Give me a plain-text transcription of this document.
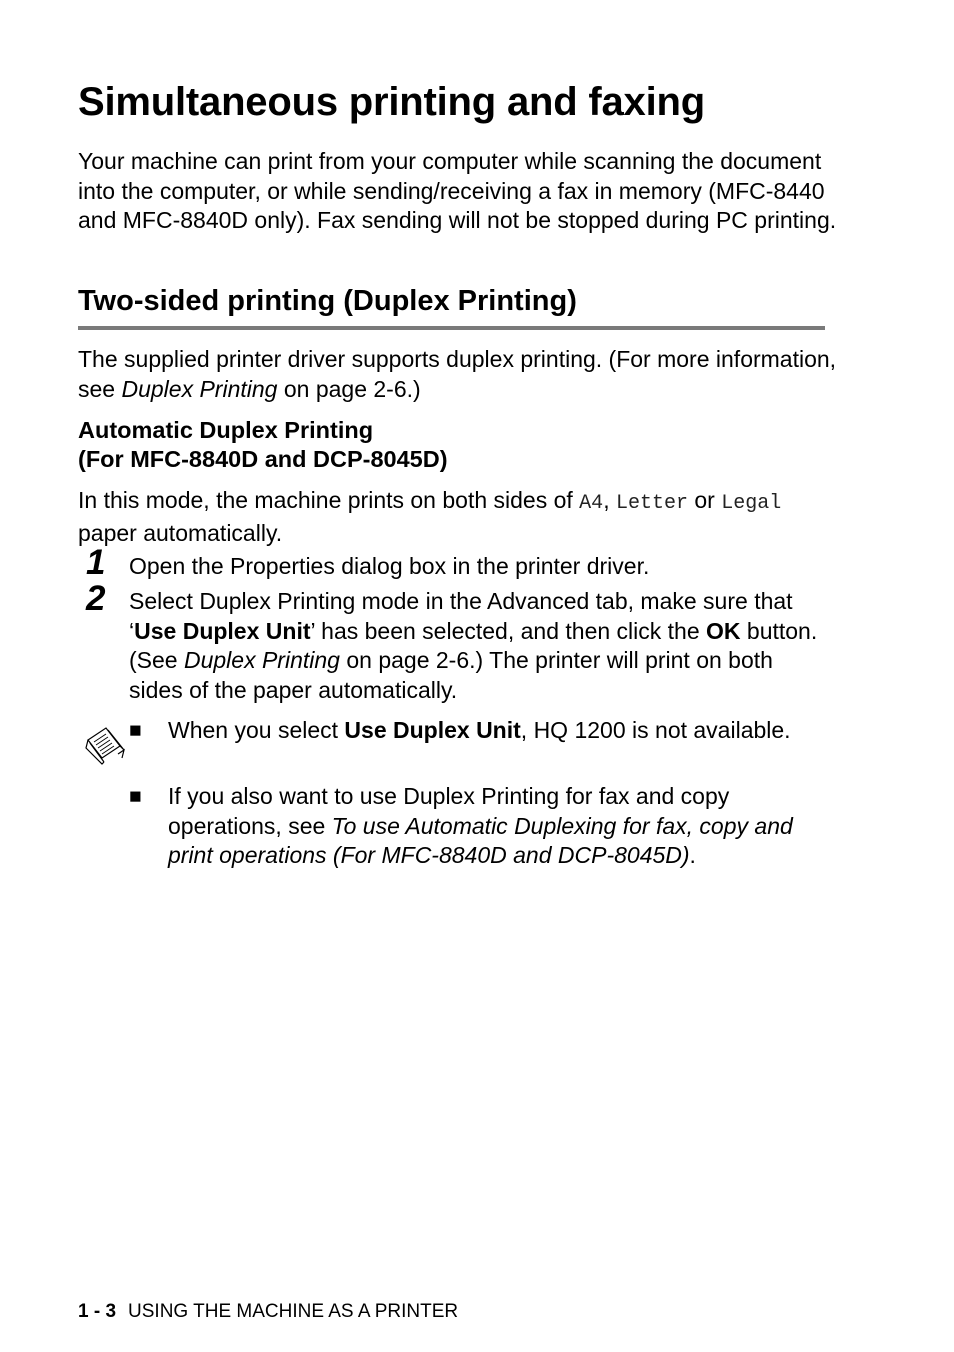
Simultaneous printing and faxing

Your machine can print from your computer while scanning the document into the computer, or while sending/receiving a fax in memory (MFC-8440 and MFC-8840D only). Fax sending will not be stopped during PC printing.

Two-sided printing (Duplex Printing)

The supplied printer driver supports duplex printing. (For more information, see Duplex Printing on page 2-6.)

Automatic Duplex Printing
(For MFC-8840D and DCP-8045D)

In this mode, the machine prints on both sides of A4, Letter or Legal paper automatically.

1 Open the Properties dialog box in the printer driver.

2 Select Duplex Printing mode in the Advanced tab, make sure that ‘Use Duplex Unit’ has been selected, and then click the OK button. (See Duplex Printing on page 2-6.) The printer will print on both sides of the paper automatically.

■ When you select Use Duplex Unit, HQ 1200 is not available.

■ If you also want to use Duplex Printing for fax and copy operations, see To use Automatic Duplexing for fax, copy and print operations (For MFC-8840D and DCP-8045D).

1 - 3 USING THE MACHINE AS A PRINTER
